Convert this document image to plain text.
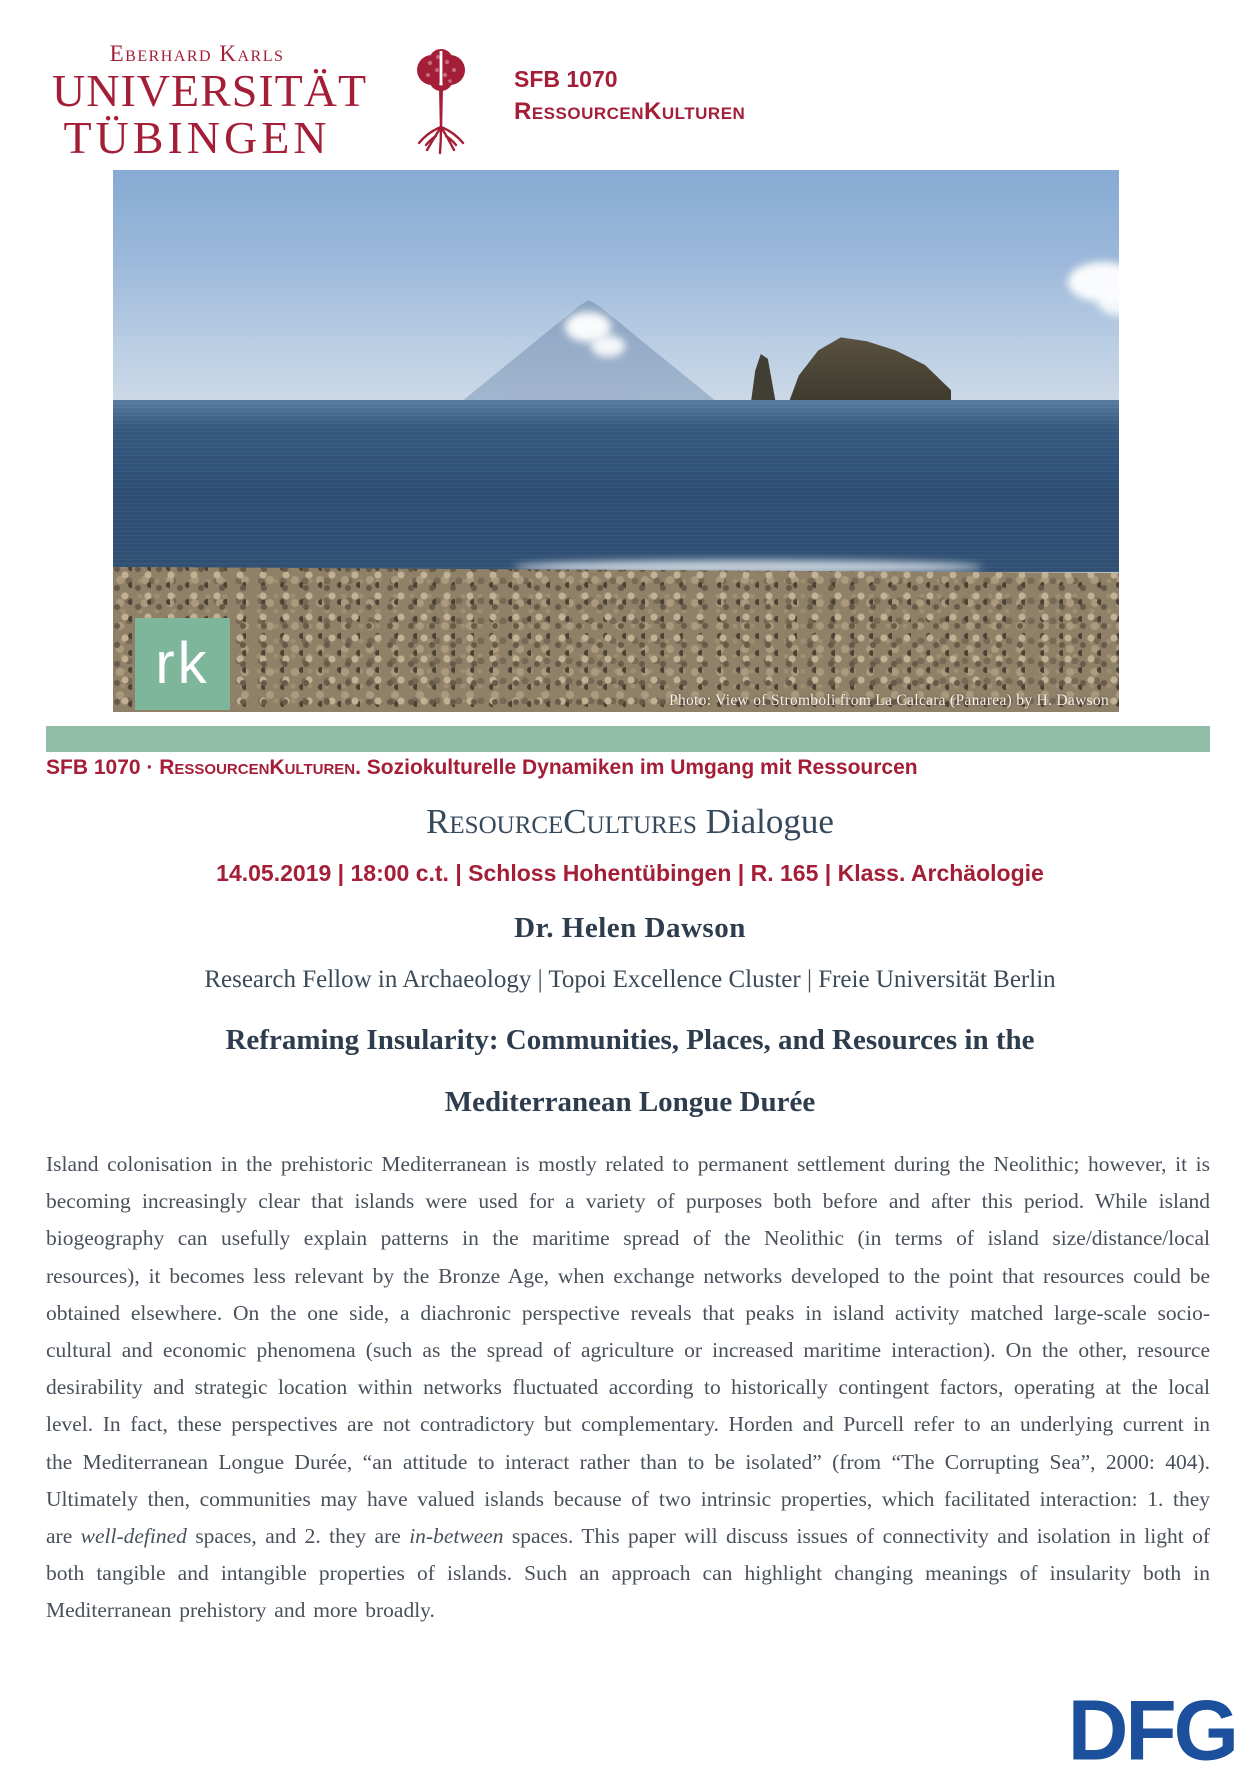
Eberhard Karls
UNIVERSITÄT
TÜBINGEN
SFB 1070
RessourcenKulturen
rk
Photo: View of Stromboli from La Calcara (Panarea) by H. Dawson
SFB 1070 · RessourcenKulturen. Soziokulturelle Dynamiken im Umgang mit Ressourcen
ResourceCultures Dialogue
14.05.2019 | 18:00 c.t. | Schloss Hohentübingen | R. 165 | Klass. Archäologie
Dr. Helen Dawson
Research Fellow in Archaeology | Topoi Excellence Cluster | Freie Universität Berlin
Reframing Insularity: Communities, Places, and Resources in the
Mediterranean Longue Durée
Island colonisation in the prehistoric Mediterranean is mostly related to permanent settlement during the Neolithic; however, it is becoming increasingly clear that islands were used for a variety of purposes both before and after this period. While island biogeography can usefully explain patterns in the maritime spread of the Neolithic (in terms of island size/distance/local resources), it becomes less relevant by the Bronze Age, when exchange networks developed to the point that resources could be obtained elsewhere. On the one side, a diachronic perspective reveals that peaks in island activity matched large-scale socio-cultural and economic phenomena (such as the spread of agriculture or increased maritime interaction). On the other, resource desirability and strategic location within networks fluctuated according to historically contingent factors, operating at the local level. In fact, these perspectives are not contradictory but complementary. Horden and Purcell refer to an underlying current in the Mediterranean Longue Durée, “an attitude to interact rather than to be isolated” (from “The Corrupting Sea”, 2000: 404). Ultimately then, communities may have valued islands because of two intrinsic properties, which facilitated interaction: 1. they are well-defined spaces, and 2. they are in-between spaces. This paper will discuss issues of connectivity and isolation in light of both tangible and intangible properties of islands. Such an approach can highlight changing meanings of insularity both in Mediterranean prehistory and more broadly.
DFG
